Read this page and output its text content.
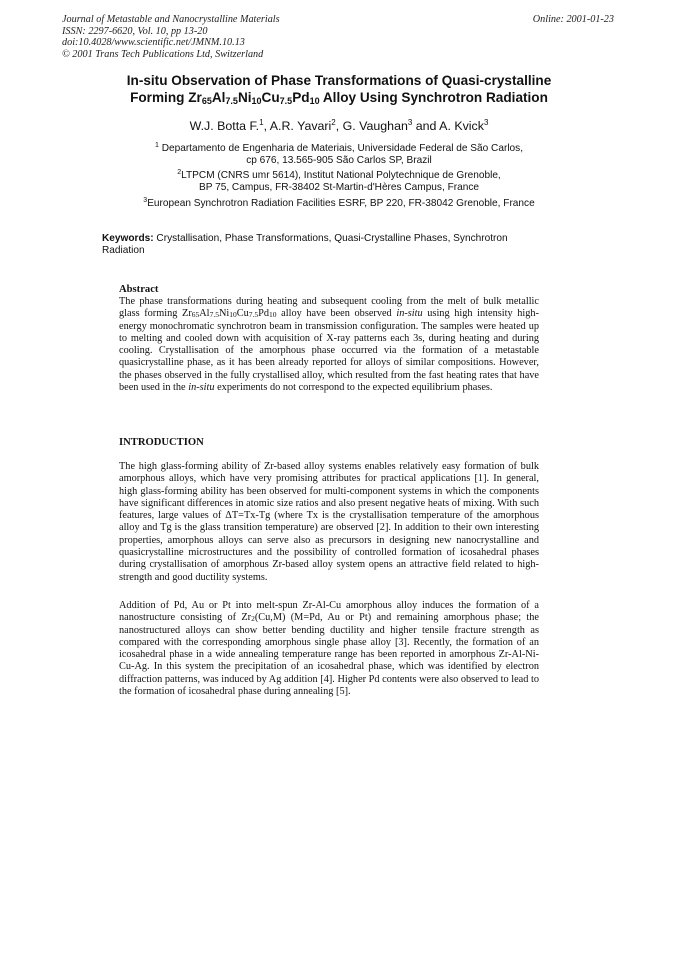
Journal of Metastable and Nanocrystalline Materials
ISSN: 2297-6620, Vol. 10, pp 13-20
doi:10.4028/www.scientific.net/JMNM.10.13
© 2001 Trans Tech Publications Ltd, Switzerland
Online: 2001-01-23
In-situ Observation of Phase Transformations of Quasi-crystalline
Forming $Zr_{65}Al_{7.5}Ni_{10}Cu_{7.5}Pd_{10}$ Alloy Using Synchrotron Radiation
W.J. Botta F.$^1$, A.R. Yavari$^2$, G. Vaughan$^3$ and A. Kvick$^3$
$^1$ Departamento de Engenharia de Materiais, Universidade Federal de São Carlos,
cp 676, 13.565-905 São Carlos SP, Brazil
$^2$LTPCM (CNRS umr 5614), Institut National Polytechnique de Grenoble,
BP 75, Campus, FR-38402 St-Martin-d'Hères Campus, France
$^3$European Synchrotron Radiation Facilities ESRF, BP 220, FR-38042 Grenoble, France
Keywords: Crystallisation, Phase Transformations, Quasi-Crystalline Phases, Synchrotron Radiation
Abstract
The phase transformations during heating and subsequent cooling from the melt of bulk metallic glass forming $Zr_{65}Al_{7.5}Ni_{10}Cu_{7.5}Pd_{10}$ alloy have been observed in-situ using high intensity high-energy monochromatic synchrotron beam in transmission configuration. The samples were heated up to melting and cooled down with acquisition of X-ray patterns each 3s, during heating and during cooling. Crystallisation of the amorphous phase occurred via the formation of a metastable quasicrystalline phase, as it has been already reported for alloys of similar compositions. However, the phases observed in the fully crystallised alloy, which resulted from the fast heating rates that have been used in the in-situ experiments do not correspond to the expected equilibrium phases.
INTRODUCTION
The high glass-forming ability of Zr-based alloy systems enables relatively easy formation of bulk amorphous alloys, which have very promising attributes for practical applications [1]. In general, high glass-forming ability has been observed for multi-component systems in which the components have significant differences in atomic size ratios and also present negative heats of mixing. With such features, large values of ΔT=Tx-Tg (where Tx is the crystallisation temperature of the amorphous alloy and Tg is the glass transition temperature) are observed [2]. In addition to their own interesting properties, amorphous alloys can serve also as precursors in designing new nanocrystalline and quasicrystalline microstructures and the possibility of controlled formation of icosahedral phases during crystallisation of amorphous Zr-based alloy system opens an attractive field related to high-strength and good ductility systems.
Addition of Pd, Au or Pt into melt-spun Zr-Al-Cu amorphous alloy induces the formation of a nanostructure consisting of $Zr_2(Cu,M)$ (M=Pd, Au or Pt) and remaining amorphous phase; the nanostructured alloys can show better bending ductility and higher tensile fracture strength as compared with the corresponding amorphous single phase alloy [3]. Recently, the formation of an icosahedral phase in a wide annealing temperature range has been reported in amorphous Zr-Al-Ni-Cu-Ag. In this system the precipitation of an icosahedral phase, which was identified by electron diffraction patterns, was induced by Ag addition [4]. Higher Pd contents were also observed to lead to the formation of icosahedral phase during annealing [5].
